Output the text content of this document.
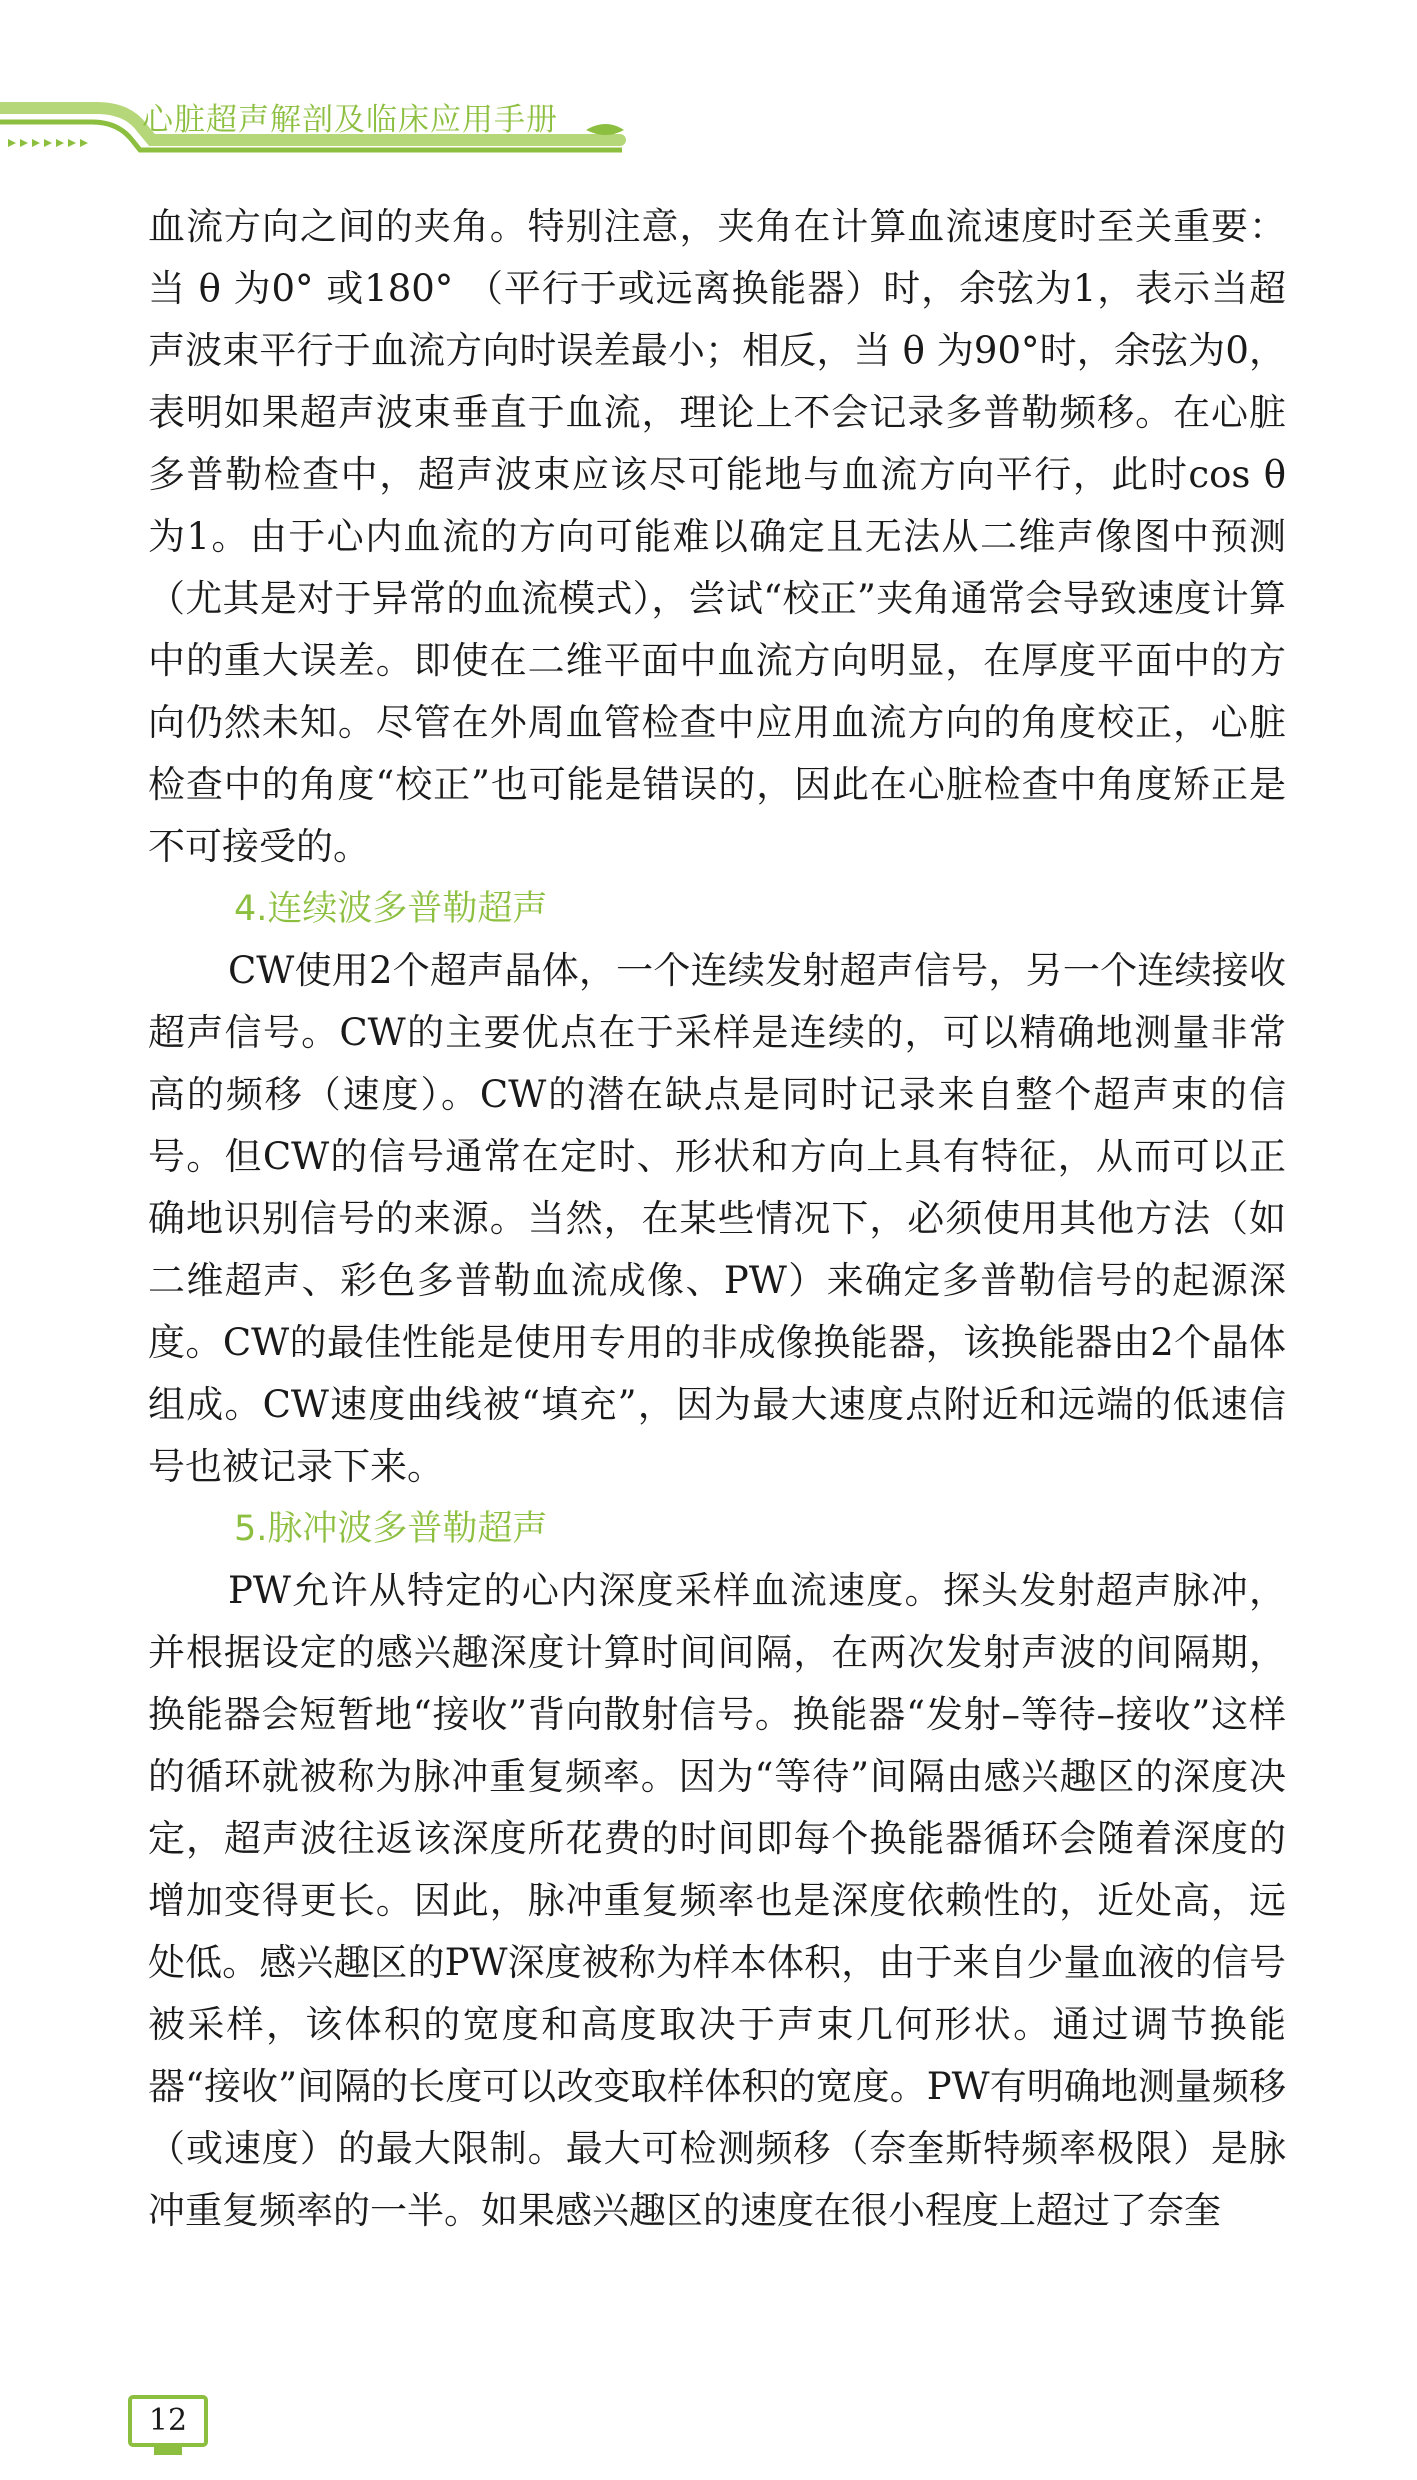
心脏超声解剖及临床应用手册

血流方向之间的夹角。特别注意，夹角在计算血流速度时至关重要：当 θ 为0° 或180° （平行于或远离换能器）时，余弦为1，表示当超声波束平行于血流方向时误差最小；相反，当 θ 为90°时，余弦为0，表明如果超声波束垂直于血流，理论上不会记录多普勒频移。在心脏多普勒检查中，超声波束应该尽可能地与血流方向平行，此时cos θ 为1。由于心内血流的方向可能难以确定且无法从二维声像图中预测（尤其是对于异常的血流模式），尝试“校正”夹角通常会导致速度计算中的重大误差。即使在二维平面中血流方向明显，在厚度平面中的方向仍然未知。尽管在外周血管检查中应用血流方向的角度校正，心脏检查中的角度“校正”也可能是错误的，因此在心脏检查中角度矫正是不可接受的。

4.连续波多普勒超声

CW使用2个超声晶体，一个连续发射超声信号，另一个连续接收超声信号。CW的主要优点在于采样是连续的，可以精确地测量非常高的频移（速度）。CW的潜在缺点是同时记录来自整个超声束的信号。但CW的信号通常在定时、形状和方向上具有特征，从而可以正确地识别信号的来源。当然，在某些情况下，必须使用其他方法（如二维超声、彩色多普勒血流成像、PW）来确定多普勒信号的起源深度。CW的最佳性能是使用专用的非成像换能器，该换能器由2个晶体组成。CW速度曲线被“填充”，因为最大速度点附近和远端的低速信号也被记录下来。

5.脉冲波多普勒超声

PW允许从特定的心内深度采样血流速度。探头发射超声脉冲，并根据设定的感兴趣深度计算时间间隔，在两次发射声波的间隔期，换能器会短暂地“接收”背向散射信号。换能器“发射–等待–接收”这样的循环就被称为脉冲重复频率。因为“等待”间隔由感兴趣区的深度决定，超声波往返该深度所花费的时间即每个换能器循环会随着深度的增加变得更长。因此，脉冲重复频率也是深度依赖性的，近处高，远处低。感兴趣区的PW深度被称为样本体积，由于来自少量血液的信号被采样，该体积的宽度和高度取决于声束几何形状。通过调节换能器“接收”间隔的长度可以改变取样体积的宽度。PW有明确地测量频移（或速度）的最大限制。最大可检测频移（奈奎斯特频率极限）是脉冲重复频率的一半。如果感兴趣区的速度在很小程度上超过了奈奎

12
